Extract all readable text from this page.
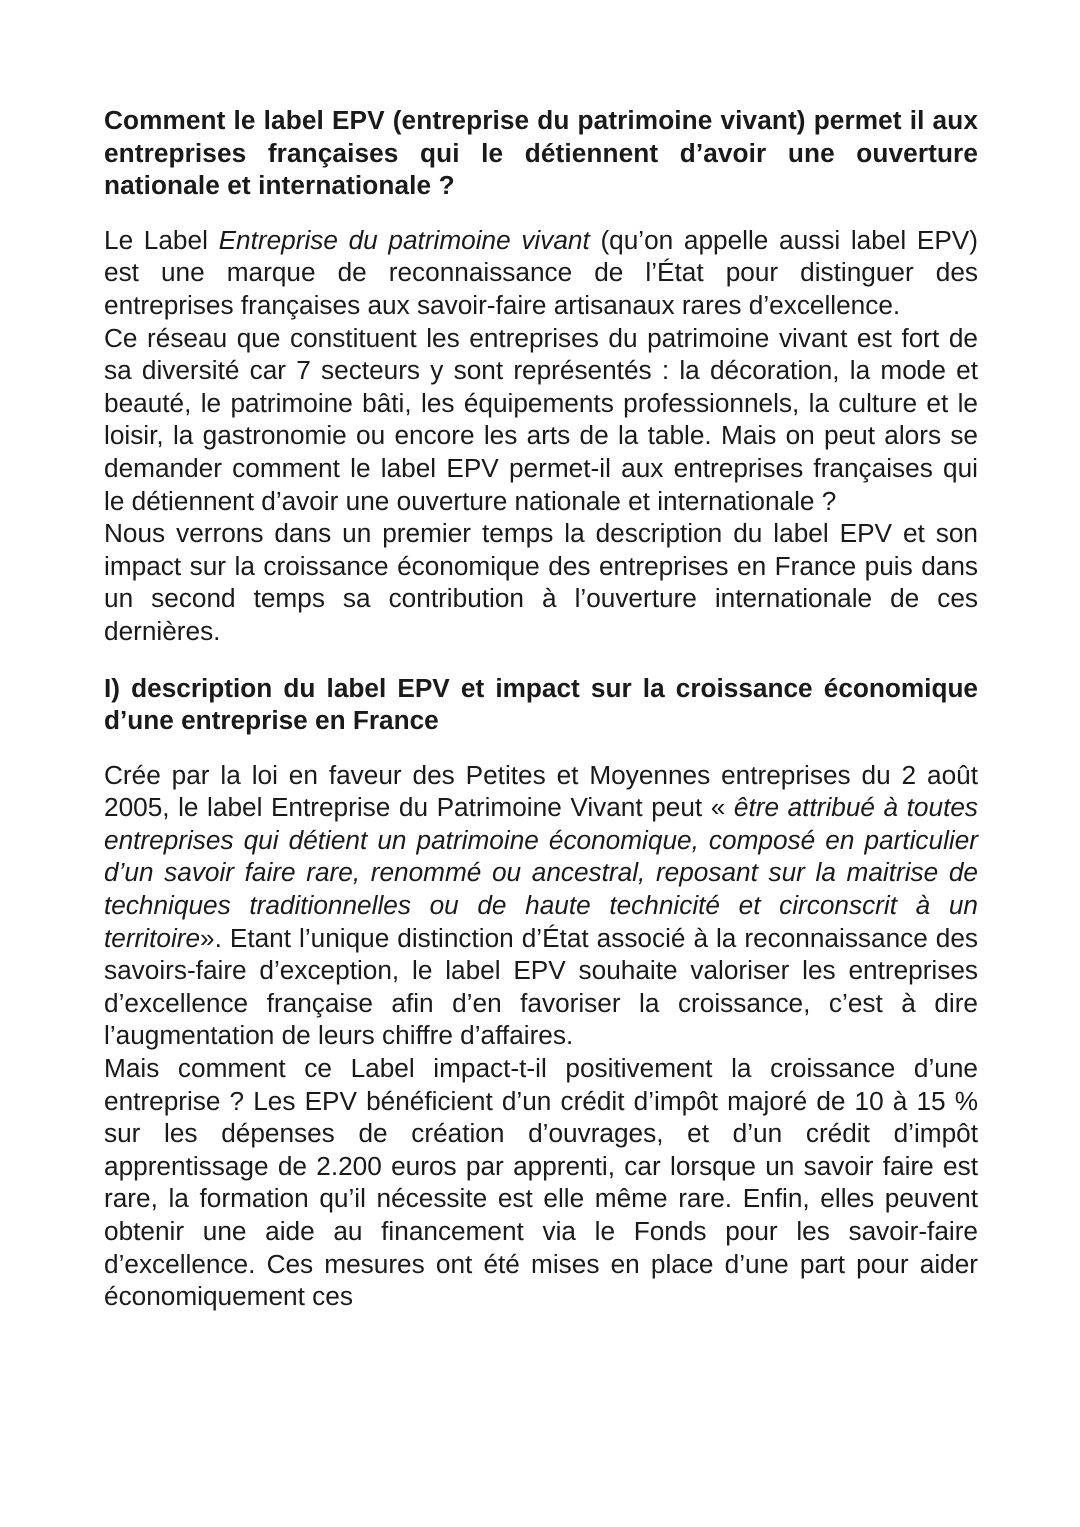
Comment le label EPV (entreprise du patrimoine vivant) permet il aux entreprises françaises qui le détiennent d’avoir une ouverture nationale et internationale ?

Le Label Entreprise du patrimoine vivant (qu’on appelle aussi label EPV) est une marque de reconnaissance de l’État pour distinguer des entreprises françaises aux savoir-faire artisanaux rares d’excellence.

Ce réseau que constituent les entreprises du patrimoine vivant est fort de sa diversité car 7 secteurs y sont représentés : la décoration, la mode et beauté, le patrimoine bâti, les équipements professionnels, la culture et le loisir, la gastronomie ou encore les arts de la table. Mais on peut alors se demander comment le label EPV permet-il aux entreprises françaises qui le détiennent d’avoir une ouverture nationale et internationale ?

Nous verrons dans un premier temps la description du label EPV et son impact sur la croissance économique des entreprises en France puis dans un second temps sa contribution à l’ouverture internationale de ces dernières.

I) description du label EPV et impact sur la croissance économique d’une entreprise en France

Crée par la loi en faveur des Petites et Moyennes entreprises du 2 août 2005, le label Entreprise du Patrimoine Vivant peut « être attribué à toutes entreprises qui détient un patrimoine économique, composé en particulier d’un savoir faire rare, renommé ou ancestral, reposant sur la maitrise de techniques traditionnelles ou de haute technicité et circonscrit à un territoire». Etant l’unique distinction d’État associé à la reconnaissance des savoirs-faire d’exception, le label EPV souhaite valoriser les entreprises d’excellence française afin d’en favoriser la croissance, c’est à dire l’augmentation de leurs chiffre d’affaires.

Mais comment ce Label impact-t-il positivement la croissance d’une entreprise ? Les EPV bénéficient d’un crédit d’impôt majoré de 10 à 15 % sur les dépenses de création d’ouvrages, et d’un crédit d’impôt apprentissage de 2.200 euros par apprenti, car lorsque un savoir faire est rare, la formation qu’il nécessite est elle même rare. Enfin, elles peuvent obtenir une aide au financement via le Fonds pour les savoir-faire d’excellence. Ces mesures ont été mises en place d’une part pour aider économiquement ces
